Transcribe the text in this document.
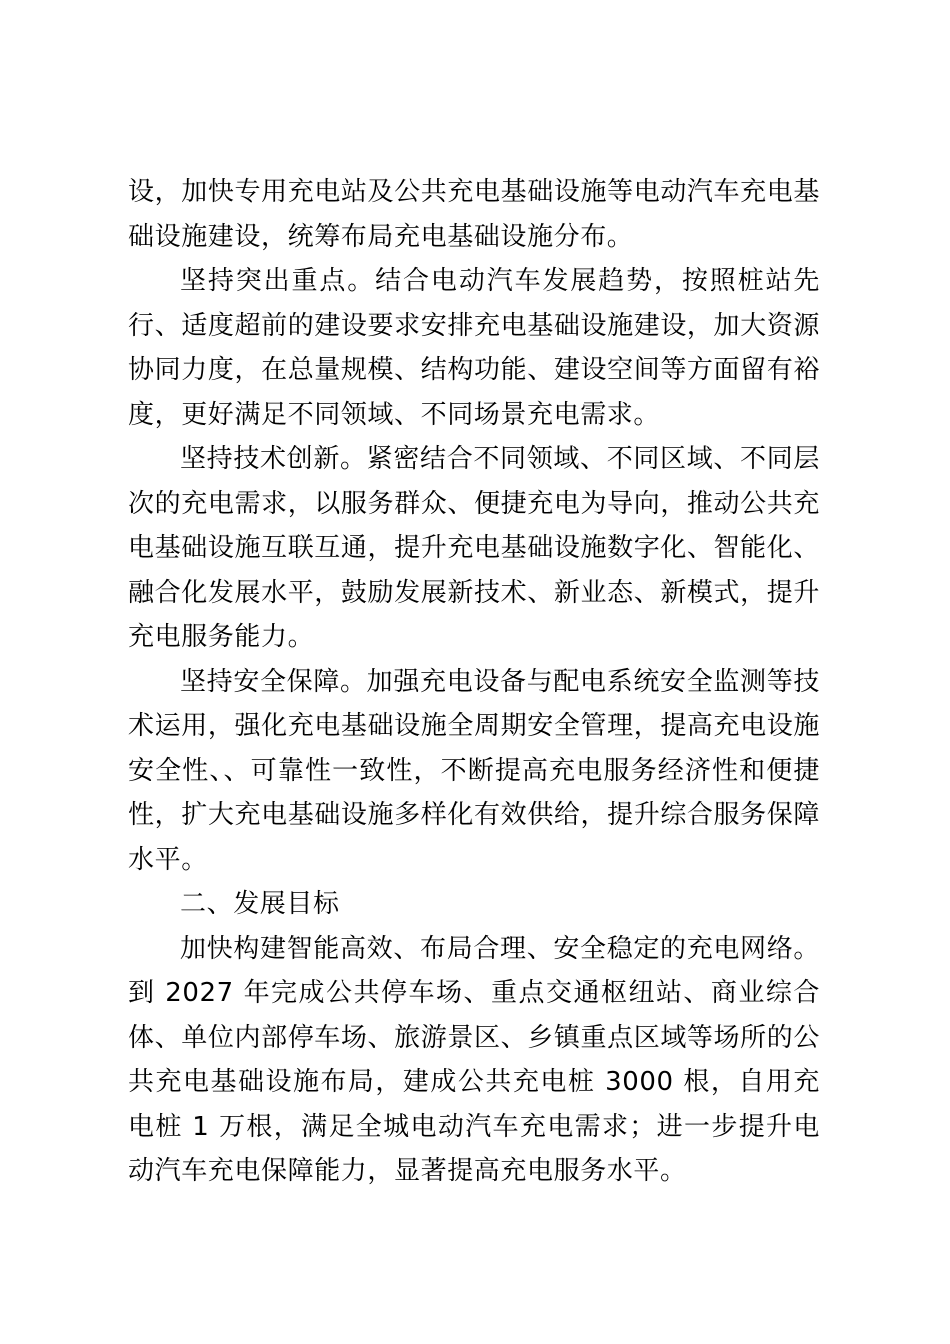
设，加快专用充电站及公共充电基础设施等电动汽车充电基础设施建设，统筹布局充电基础设施分布。

坚持突出重点。结合电动汽车发展趋势，按照桩站先行、适度超前的建设要求安排充电基础设施建设，加大资源协同力度，在总量规模、结构功能、建设空间等方面留有裕度，更好满足不同领域、不同场景充电需求。

坚持技术创新。紧密结合不同领域、不同区域、不同层次的充电需求，以服务群众、便捷充电为导向，推动公共充电基础设施互联互通，提升充电基础设施数字化、智能化、融合化发展水平，鼓励发展新技术、新业态、新模式，提升充电服务能力。

坚持安全保障。加强充电设备与配电系统安全监测等技术运用，强化充电基础设施全周期安全管理，提高充电设施安全性、、可靠性一致性，不断提高充电服务经济性和便捷性，扩大充电基础设施多样化有效供给，提升综合服务保障水平。

二、发展目标

加快构建智能高效、布局合理、安全稳定的充电网络。到 2027 年完成公共停车场、重点交通枢纽站、商业综合体、单位内部停车场、旅游景区、乡镇重点区域等场所的公共充电基础设施布局，建成公共充电桩 3000 根，自用充电桩 1 万根，满足全城电动汽车充电需求；进一步提升电动汽车充电保障能力，显著提高充电服务水平。
